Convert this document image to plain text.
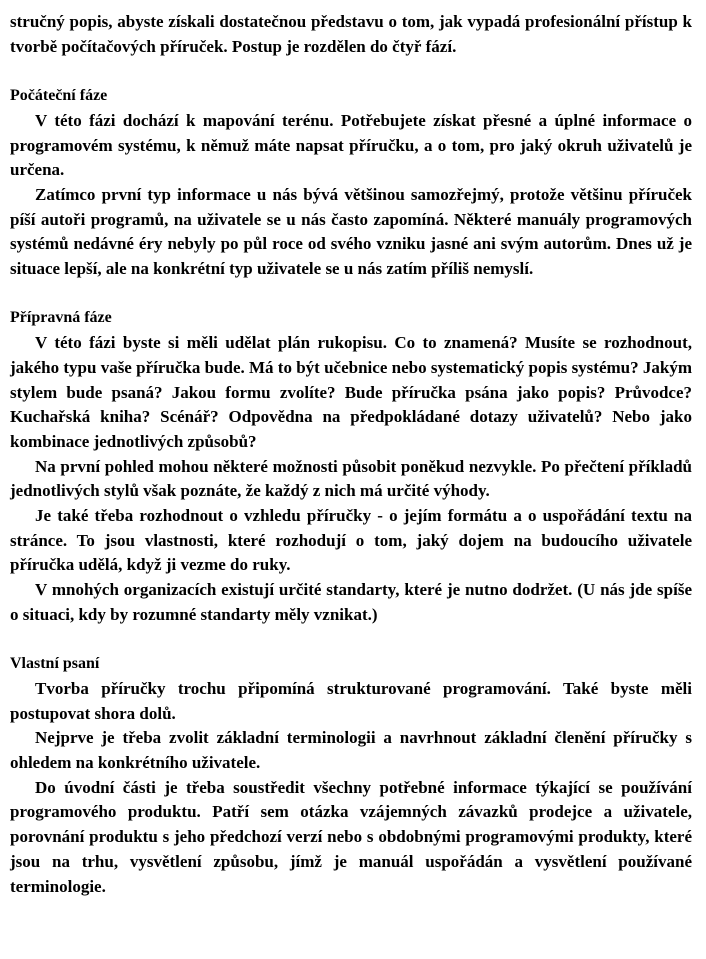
stručný popis, abyste získali dostatečnou představu o tom, jak vypadá profesionální přístup k tvorbě počítačových příruček. Postup je rozdělen do čtyř fází.

Počáteční fáze

V této fázi dochází k mapování terénu. Potřebujete získat přesné a úplné informace o programovém systému, k němuž máte napsat příručku, a o tom, pro jaký okruh uživatelů je určena.

Zatímco první typ informace u nás bývá většinou samozřejmý, protože většinu příruček píší autoři programů, na uživatele se u nás často zapomíná. Některé manuály programových systémů nedávné éry nebyly po půl roce od svého vzniku jasné ani svým autorům. Dnes už je situace lepší, ale na konkrétní typ uživatele se u nás zatím příliš nemyslí.

Přípravná fáze

V této fázi byste si měli udělat plán rukopisu. Co to znamená? Musíte se rozhodnout, jakého typu vaše příručka bude. Má to být učebnice nebo systematický popis systému? Jakým stylem bude psaná? Jakou formu zvolíte? Bude příručka psána jako popis? Průvodce? Kuchařská kniha? Scénář? Odpovědna na předpokládané dotazy uživatelů? Nebo jako kombinace jednotlivých způsobů?

Na první pohled mohou některé možnosti působit poněkud nezvykle. Po přečtení příkladů jednotlivých stylů však poznáte, že každý z nich má určité výhody.

Je také třeba rozhodnout o vzhledu příručky - o jejím formátu a o uspořádání textu na stránce. To jsou vlastnosti, které rozhodují o tom, jaký dojem na budoucího uživatele příručka udělá, když ji vezme do ruky.

V mnohých organizacích existují určité standarty, které je nutno dodržet. (U nás jde spíše o situaci, kdy by rozumné standarty měly vznikat.)

Vlastní psaní

Tvorba příručky trochu připomíná strukturované programování. Také byste měli postupovat shora dolů.

Nejprve je třeba zvolit základní terminologii a navrhnout základní členění příručky s ohledem na konkrétního uživatele.

Do úvodní části je třeba soustředit všechny potřebné informace týkající se používání programového produktu. Patří sem otázka vzájemných závazků prodejce a uživatele, porovnání produktu s jeho předchozí verzí nebo s obdobnými programovými produkty, které jsou na trhu, vysvětlení způsobu, jímž je manuál uspořádán a vysvětlení používané terminologie.
